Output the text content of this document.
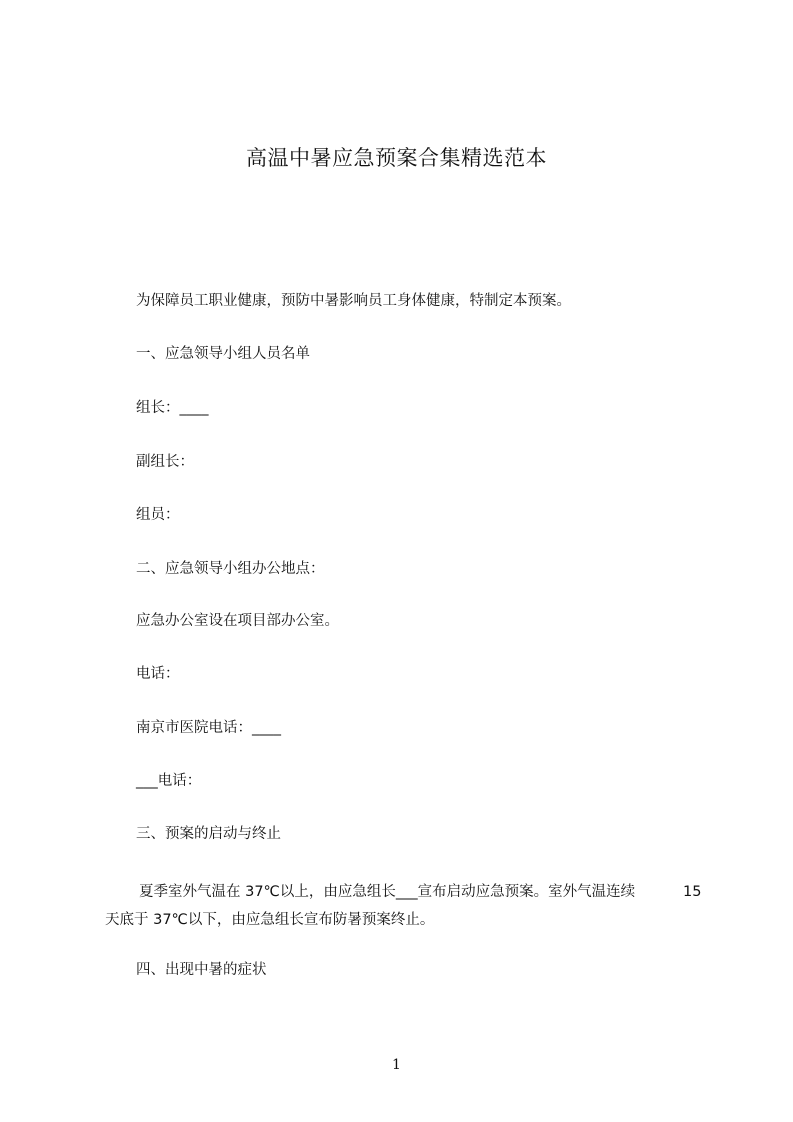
高温中暑应急预案合集精选范本
为保障员工职业健康，预防中暑影响员工身体健康，特制定本预案。
一、应急领导小组人员名单
组长：____
副组长：
组员：
二、应急领导小组办公地点：
应急办公室设在项目部办公室。
电话：
南京市医院电话：____
___电话：
三、预案的启动与终止
夏季室外气温在 37℃以上，由应急组长___宣布启动应急预案。室外气温连续	15
天底于 37℃以下，由应急组长宣布防暑预案终止。
四、出现中暑的症状
1
